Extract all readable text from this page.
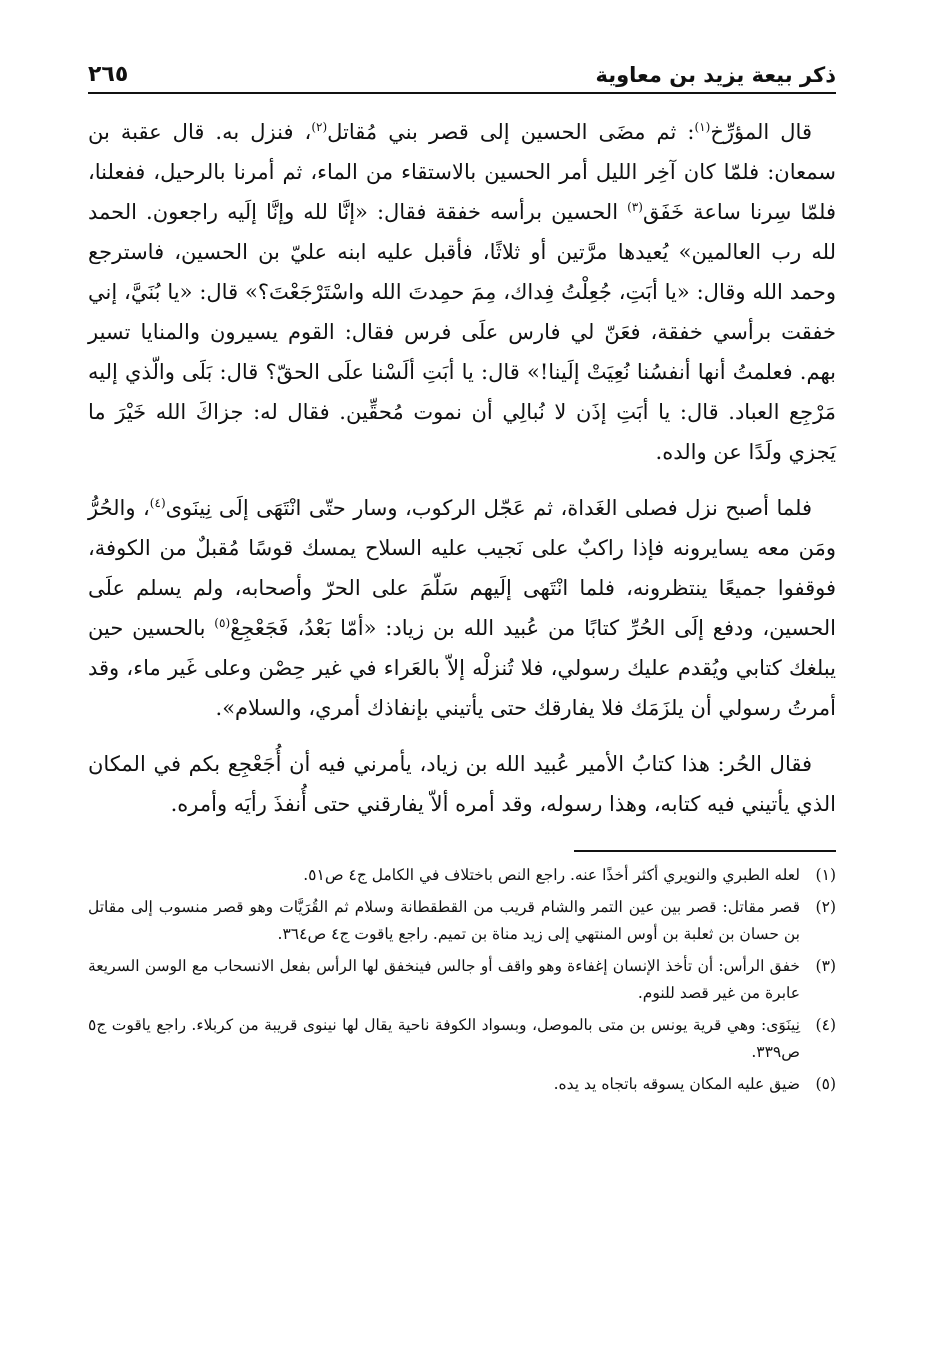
ذكر بيعة يزيد بن معاوية
٢٦٥

قال المؤرِّخ$^{(١)}$: ثم مضَى الحسين إلى قصر بني مُقاتل$^{(٢)}$، فنزل به. قال عقبة بن سمعان: فلمّا كان آخِر الليل أمر الحسين بالاستقاء من الماء، ثم أمرنا بالرحيل، ففعلنا، فلمّا سِرنا ساعة خَفَق$^{(٣)}$ الحسين برأسه خفقة فقال: «إنَّا لله وإنَّا إلَيه راجعون. الحمد لله رب العالمين» يُعيدها مرَّتين أو ثلاثًا، فأقبل عليه ابنه عليّ بن الحسين، فاسترجع وحمد الله وقال: «يا أبَتِ، جُعِلْتُ فِداك، مِمَ حمِدتَ الله واسْتَرْجَعْتَ؟» قال: «يا بُنَيَّ، إني خفقت برأسي خفقة، فعَنّ لي فارس علَى فرس فقال: القوم يسيرون والمنايا تسير بهم. فعلمتُ أنها أنفسُنا نُعِيَتْ إلَينا!» قال: يا أبَتِ ألَسْنا علَى الحقّ؟ قال: بَلَى والّذي إليه مَرْجِع العباد. قال: يا أبَتِ إذَن لا نُبالِي أن نموت مُحقِّين. فقال له: جزاكَ الله خَيْرَ ما يَجزي ولَدًا عن والده.

فلما أصبح نزل فصلى الغَداة، ثم عَجّل الركوب، وسار حتّى انْتَهَى إلَى نِينَوى$^{(٤)}$، والحُرُّ ومَن معه يسايرونه فإذا راكبٌ على نَجيب عليه السلاح يمسك قوسًا مُقبلٌ من الكوفة، فوقفوا جميعًا ينتظرونه، فلما انْتَهى إلَيهم سَلّمَ على الحرّ وأصحابه، ولم يسلم علَى الحسين، ودفع إلَى الحُرِّ كتابًا من عُبيد الله بن زياد: «أمّا بَعْدُ، فَجَعْجِعْ$^{(٥)}$ بالحسين حين يبلغك كتابي ويُقدم عليك رسولي، فلا تُنزلْه إلاّ بالعَراء في غير حِصْن وعلى غَير ماء، وقد أمرتُ رسولي أن يلزَمَك فلا يفارقك حتى يأتيني بإنفاذك أمري، والسلام».

فقال الحُر: هذا كتابُ الأمير عُبيد الله بن زياد، يأمرني فيه أن أُجَعْجِع بكم في المكان الذي يأتيني فيه كتابه، وهذا رسوله، وقد أمره ألاّ يفارقني حتى أُنفذَ رأيَه وأمره.

(١)
لعله الطبري والنويري أكثر أخذًا عنه. راجع النص باختلاف في الكامل ج٤ ص٥١.
(٢)
قصر مقاتل: قصر بين عين التمر والشام قريب من القطقطانة وسلام ثم القُرَيَّات وهو قصر منسوب إلى مقاتل بن حسان بن ثعلبة بن أوس المنتهي إلى زيد مناة بن تميم. راجع ياقوت ج٤ ص٣٦٤.
(٣)
خفق الرأس: أن تأخذ الإنسان إغفاءة وهو واقف أو جالس فينخفق لها الرأس بفعل الانسحاب مع الوسن السريعة عابرة من غير قصد للنوم.
(٤)
نِينَوَى: وهي قرية يونس بن متى بالموصل، وبسواد الكوفة ناحية يقال لها نينوى قريبة من كربلاء. راجع ياقوت ج٥ ص٣٣٩.
(٥)
ضيق عليه المكان يسوقه باتجاه يد يده.
